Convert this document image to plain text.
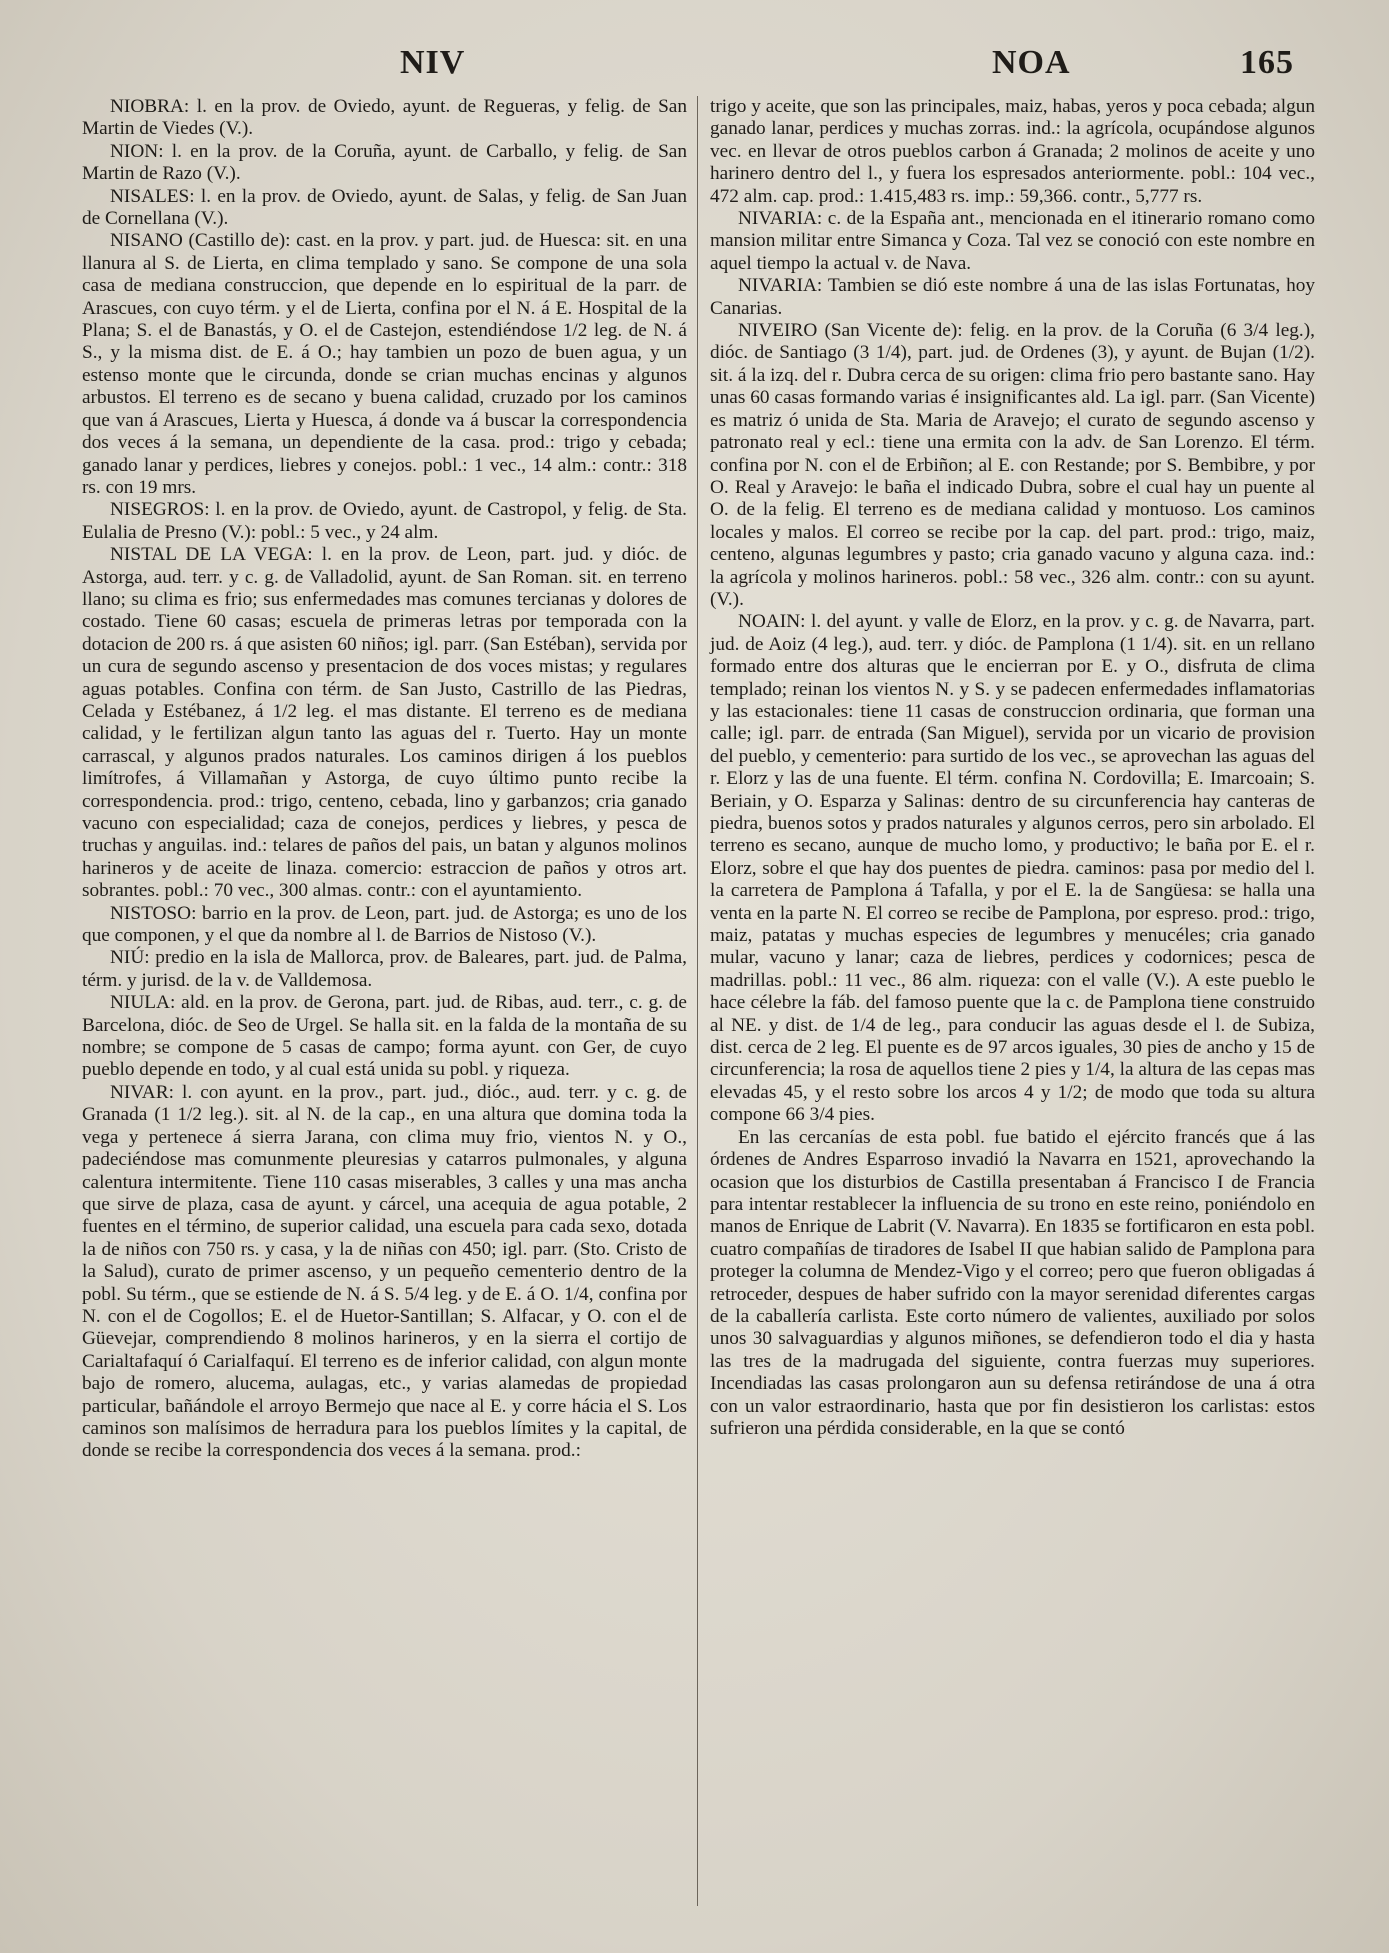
NIV	NOA	165

NIOBRA: l. en la prov. de Oviedo, ayunt. de Regueras, y felig. de San Martin de Viedes (V.).

NION: l. en la prov. de la Coruña, ayunt. de Carballo, y felig. de San Martin de Razo (V.).

NISALES: l. en la prov. de Oviedo, ayunt. de Salas, y felig. de San Juan de Cornellana (V.).

NISANO (Castillo de): cast. en la prov. y part. jud. de Huesca: sit. en una llanura al S. de Lierta, en clima templado y sano. Se compone de una sola casa de mediana construccion, que depende en lo espiritual de la parr. de Arascues, con cuyo térm. y el de Lierta, confina por el N. á E. Hospital de la Plana; S. el de Banastás, y O. el de Castejon, estendiéndose 1/2 leg. de N. á S., y la misma dist. de E. á O.; hay tambien un pozo de buen agua, y un estenso monte que le circunda, donde se crian muchas encinas y algunos arbustos. El terreno es de secano y buena calidad, cruzado por los caminos que van á Arascues, Lierta y Huesca, á donde va á buscar la correspondencia dos veces á la semana, un dependiente de la casa. prod.: trigo y cebada; ganado lanar y perdices, liebres y conejos. pobl.: 1 vec., 14 alm.: contr.: 318 rs. con 19 mrs.

NISEGROS: l. en la prov. de Oviedo, ayunt. de Castropol, y felig. de Sta. Eulalia de Presno (V.): pobl.: 5 vec., y 24 alm.

NISTAL DE LA VEGA: l. en la prov. de Leon, part. jud. y dióc. de Astorga, aud. terr. y c. g. de Valladolid, ayunt. de San Roman. sit. en terreno llano; su clima es frio; sus enfermedades mas comunes tercianas y dolores de costado. Tiene 60 casas; escuela de primeras letras por temporada con la dotacion de 200 rs. á que asisten 60 niños; igl. parr. (San Estéban), servida por un cura de segundo ascenso y presentacion de dos voces mistas; y regulares aguas potables. Confina con térm. de San Justo, Castrillo de las Piedras, Celada y Estébanez, á 1/2 leg. el mas distante. El terreno es de mediana calidad, y le fertilizan algun tanto las aguas del r. Tuerto. Hay un monte carrascal, y algunos prados naturales. Los caminos dirigen á los pueblos limítrofes, á Villamañan y Astorga, de cuyo último punto recibe la correspondencia. prod.: trigo, centeno, cebada, lino y garbanzos; cria ganado vacuno con especialidad; caza de conejos, perdices y liebres, y pesca de truchas y anguilas. ind.: telares de paños del pais, un batan y algunos molinos harineros y de aceite de linaza. comercio: estraccion de paños y otros art. sobrantes. pobl.: 70 vec., 300 almas. contr.: con el ayuntamiento.

NISTOSO: barrio en la prov. de Leon, part. jud. de Astorga; es uno de los que componen, y el que da nombre al l. de Barrios de Nistoso (V.).

NIÚ: predio en la isla de Mallorca, prov. de Baleares, part. jud. de Palma, térm. y jurisd. de la v. de Valldemosa.

NIULA: ald. en la prov. de Gerona, part. jud. de Ribas, aud. terr., c. g. de Barcelona, dióc. de Seo de Urgel. Se halla sit. en la falda de la montaña de su nombre; se compone de 5 casas de campo; forma ayunt. con Ger, de cuyo pueblo depende en todo, y al cual está unida su pobl. y riqueza.

NIVAR: l. con ayunt. en la prov., part. jud., dióc., aud. terr. y c. g. de Granada (1 1/2 leg.). sit. al N. de la cap., en una altura que domina toda la vega y pertenece á sierra Jarana, con clima muy frio, vientos N. y O., padeciéndose mas comunmente pleuresias y catarros pulmonales, y alguna calentura intermitente. Tiene 110 casas miserables, 3 calles y una mas ancha que sirve de plaza, casa de ayunt. y cárcel, una acequia de agua potable, 2 fuentes en el término, de superior calidad, una escuela para cada sexo, dotada la de niños con 750 rs. y casa, y la de niñas con 450; igl. parr. (Sto. Cristo de la Salud), curato de primer ascenso, y un pequeño cementerio dentro de la pobl. Su térm., que se estiende de N. á S. 5/4 leg. y de E. á O. 1/4, confina por N. con el de Cogollos; E. el de Huetor-Santillan; S. Alfacar, y O. con el de Güevejar, comprendiendo 8 molinos harineros, y en la sierra el cortijo de Carialtafaquí ó Carialfaquí. El terreno es de inferior calidad, con algun monte bajo de romero, alucema, aulagas, etc., y varias alamedas de propiedad particular, bañándole el arroyo Bermejo que nace al E. y corre hácia el S. Los caminos son malísimos de herradura para los pueblos límites y la capital, de donde se recibe la correspondencia dos veces á la semana. prod.:

trigo y aceite, que son las principales, maiz, habas, yeros y poca cebada; algun ganado lanar, perdices y muchas zorras. ind.: la agrícola, ocupándose algunos vec. en llevar de otros pueblos carbon á Granada; 2 molinos de aceite y uno harinero dentro del l., y fuera los espresados anteriormente. pobl.: 104 vec., 472 alm. cap. prod.: 1.415,483 rs. imp.: 59,366. contr., 5,777 rs.

NIVARIA: c. de la España ant., mencionada en el itinerario romano como mansion militar entre Simanca y Coza. Tal vez se conoció con este nombre en aquel tiempo la actual v. de Nava.

NIVARIA: Tambien se dió este nombre á una de las islas Fortunatas, hoy Canarias.

NIVEIRO (San Vicente de): felig. en la prov. de la Coruña (6 3/4 leg.), dióc. de Santiago (3 1/4), part. jud. de Ordenes (3), y ayunt. de Bujan (1/2). sit. á la izq. del r. Dubra cerca de su origen: clima frio pero bastante sano. Hay unas 60 casas formando varias é insignificantes ald. La igl. parr. (San Vicente) es matriz ó unida de Sta. Maria de Aravejo; el curato de segundo ascenso y patronato real y ecl.: tiene una ermita con la adv. de San Lorenzo. El térm. confina por N. con el de Erbiñon; al E. con Restande; por S. Bembibre, y por O. Real y Aravejo: le baña el indicado Dubra, sobre el cual hay un puente al O. de la felig. El terreno es de mediana calidad y montuoso. Los caminos locales y malos. El correo se recibe por la cap. del part. prod.: trigo, maiz, centeno, algunas legumbres y pasto; cria ganado vacuno y alguna caza. ind.: la agrícola y molinos harineros. pobl.: 58 vec., 326 alm. contr.: con su ayunt. (V.).

NOAIN: l. del ayunt. y valle de Elorz, en la prov. y c. g. de Navarra, part. jud. de Aoiz (4 leg.), aud. terr. y dióc. de Pamplona (1 1/4). sit. en un rellano formado entre dos alturas que le encierran por E. y O., disfruta de clima templado; reinan los vientos N. y S. y se padecen enfermedades inflamatorias y las estacionales: tiene 11 casas de construccion ordinaria, que forman una calle; igl. parr. de entrada (San Miguel), servida por un vicario de provision del pueblo, y cementerio: para surtido de los vec., se aprovechan las aguas del r. Elorz y las de una fuente. El térm. confina N. Cordovilla; E. Imarcoain; S. Beriain, y O. Esparza y Salinas: dentro de su circunferencia hay canteras de piedra, buenos sotos y prados naturales y algunos cerros, pero sin arbolado. El terreno es secano, aunque de mucho lomo, y productivo; le baña por E. el r. Elorz, sobre el que hay dos puentes de piedra. caminos: pasa por medio del l. la carretera de Pamplona á Tafalla, y por el E. la de Sangüesa: se halla una venta en la parte N. El correo se recibe de Pamplona, por espreso. prod.: trigo, maiz, patatas y muchas especies de legumbres y menucéles; cria ganado mular, vacuno y lanar; caza de liebres, perdices y codornices; pesca de madrillas. pobl.: 11 vec., 86 alm. riqueza: con el valle (V.). A este pueblo le hace célebre la fáb. del famoso puente que la c. de Pamplona tiene construido al NE. y dist. de 1/4 de leg., para conducir las aguas desde el l. de Subiza, dist. cerca de 2 leg. El puente es de 97 arcos iguales, 30 pies de ancho y 15 de circunferencia; la rosa de aquellos tiene 2 pies y 1/4, la altura de las cepas mas elevadas 45, y el resto sobre los arcos 4 y 1/2; de modo que toda su altura compone 66 3/4 pies.

En las cercanías de esta pobl. fue batido el ejército francés que á las órdenes de Andres Esparroso invadió la Navarra en 1521, aprovechando la ocasion que los disturbios de Castilla presentaban á Francisco I de Francia para intentar restablecer la influencia de su trono en este reino, poniéndolo en manos de Enrique de Labrit (V. Navarra). En 1835 se fortificaron en esta pobl. cuatro compañías de tiradores de Isabel II que habian salido de Pamplona para proteger la columna de Mendez-Vigo y el correo; pero que fueron obligadas á retroceder, despues de haber sufrido con la mayor serenidad diferentes cargas de la caballería carlista. Este corto número de valientes, auxiliado por solos unos 30 salvaguardias y algunos miñones, se defendieron todo el dia y hasta las tres de la madrugada del siguiente, contra fuerzas muy superiores. Incendiadas las casas prolongaron aun su defensa retirándose de una á otra con un valor estraordinario, hasta que por fin desistieron los carlistas: estos sufrieron una pérdida considerable, en la que se contó
